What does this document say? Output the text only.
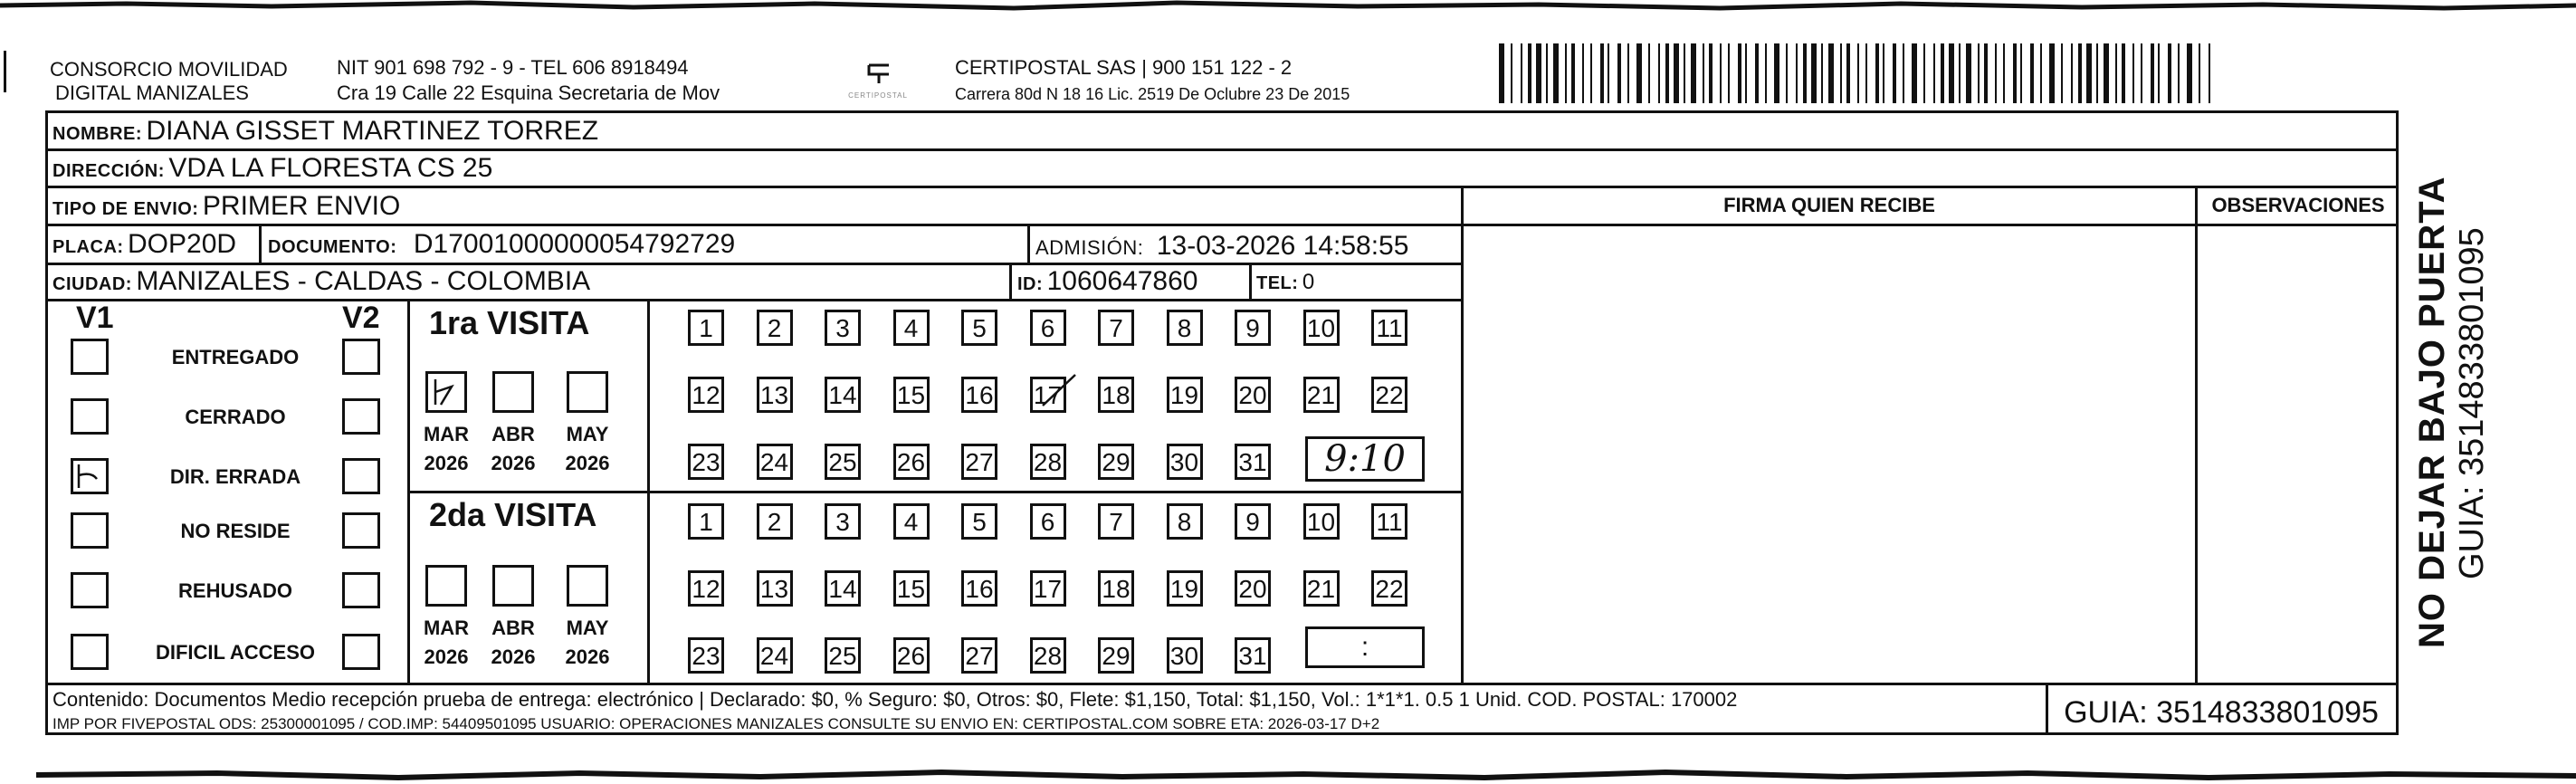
CONSORCIO MOVILIDAD
DIGITAL MANIZALES
NIT 901 698 792 - 9 - TEL 606 8918494
Cra 19 Calle 22 Esquina Secretaria de Mov	CERTIPOSTAL
CERTIPOSTAL SAS | 900 151 122 - 2
Carrera 80d N 18 16 Lic. 2519 De Oclubre 23 De 2015
NOMBRE: DIANA GISSET MARTINEZ TORREZ
DIRECCIÓN: VDA LA FLORESTA CS 25
TIPO DE ENVIO: PRIMER ENVIO
PLACA: DOP20D DOCUMENTO: D17001000000054792729	ADMISIÓN: 13-03-2026 14:58:55
CIUDAD: MANIZALES - CALDAS - COLOMBIA	ID: 1060647860	TEL: 0
FIRMA QUIEN RECIBE	OBSERVACIONES
V1	V2 1ra VISITA
9:10
2da VISITA
:
Contenido: Documentos Medio recepción prueba de entrega: electrónico | Declarado: $0, % Seguro: $0, Otros: $0, Flete: $1,150, Total: $1,150, Vol.: 1*1*1. 0.5 1 Unid. COD. POSTAL: 170002
IMP POR FIVEPOSTAL ODS: 25300001095 / COD.IMP: 54409501095 USUARIO: OPERACIONES MANIZALES CONSULTE SU ENVIO EN: CERTIPOSTAL.COM SOBRE ETA: 2026-03-17 D+2	GUIA: 3514833801095
NO DEJAR BAJO PUERTA GUIA: 3514833801095
ENTREGADO
CERRADO
DIR. ERRADA
NO RESIDE
REHUSADO
DIFICIL ACCESO
MAR
2026
ABR
2026
MAY
2026
MAR
2026
ABR
2026
MAY
2026
1	2	3	4	5	6	7	8	9	10 11
12 13 14 15 16 17 18 19 20 21 22
23 24 25 26 27 28 29 30 31
1	2	3	4	5	6	7	8	9	10 11
12 13 14 15 16 17 18 19 20 21 22
23 24 25 26 27 28 29 30 31
